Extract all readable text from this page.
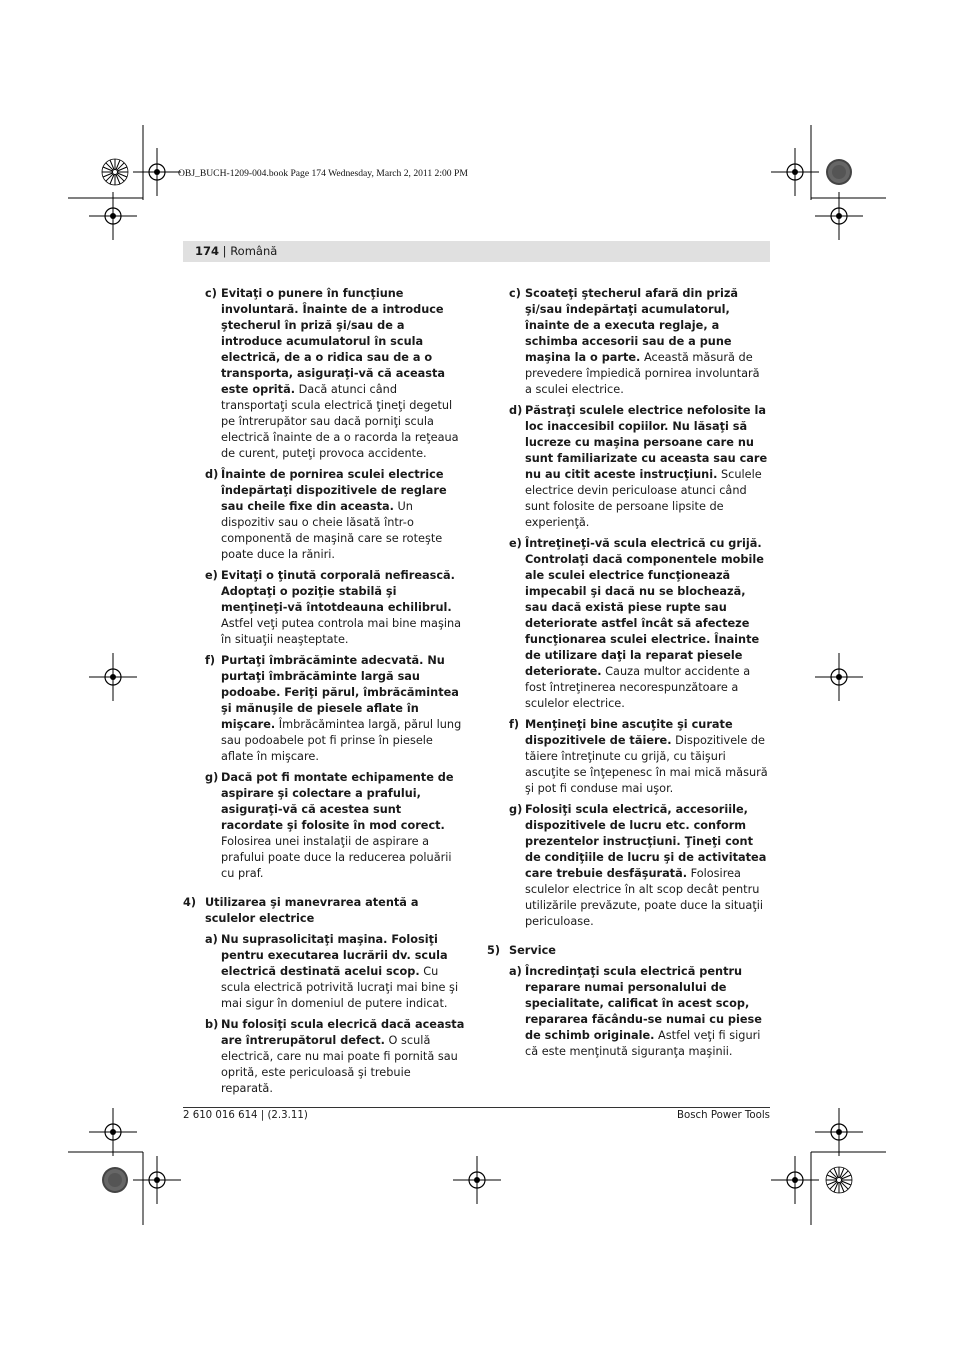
OBJ_BUCH-1209-004.book Page 174 Wednesday, March 2, 2011 2:00 PM
174 | Română
c) Evitaţi o punere în funcţiune involuntară. Înainte de a introduce ştecherul în priză şi/sau de a introduce acumulatorul în scula electrică, de a o ridica sau de a o transporta, asiguraţi-vă că aceasta este oprită. Dacă atunci când transportaţi scula electrică ţineţi degetul pe întrerupător sau dacă porniţi scula electrică înainte de a o racorda la reţeaua de curent, puteţi provoca accidente.
d) Înainte de pornirea sculei electrice îndepărtaţi dispozitivele de reglare sau cheile fixe din aceasta. Un dispozitiv sau o cheie lăsată într-o componentă de maşină care se roteşte poate duce la răniri.
e) Evitaţi o ţinută corporală nefirească. Adoptaţi o poziţie stabilă şi menţineţi-vă întotdeauna echilibrul. Astfel veţi putea controla mai bine maşina în situaţii neaşteptate.
f) Purtaţi îmbrăcăminte adecvată. Nu purtaţi îmbrăcăminte largă sau podoabe. Feriţi părul, îmbrăcămintea şi mănuşile de piesele aflate în mişcare. Îmbrăcămintea largă, părul lung sau podoabele pot fi prinse în piesele aflate în mişcare.
g) Dacă pot fi montate echipamente de aspirare şi colectare a prafului, asiguraţi-vă că acestea sunt racordate şi folosite în mod corect. Folosirea unei instalaţii de aspirare a prafului poate duce la reducerea poluării cu praf.
4) Utilizarea şi manevrarea atentă a sculelor electrice
a) Nu suprasolicitaţi maşina. Folosiţi pentru executarea lucrării dv. scula electrică destinată acelui scop. Cu scula electrică potrivită lucraţi mai bine şi mai sigur în domeniul de putere indicat.
b) Nu folosiţi scula elecrică dacă aceasta are întrerupătorul defect. O sculă electrică, care nu mai poate fi pornită sau oprită, este periculoasă şi trebuie reparată.
c) Scoateţi ştecherul afară din priză şi/sau îndepărtaţi acumulatorul, înainte de a executa reglaje, a schimba accesorii sau de a pune maşina la o parte. Această măsură de prevedere împiedică pornirea involuntară a sculei electrice.
d) Păstraţi sculele electrice nefolosite la loc inaccesibil copiilor. Nu lăsaţi să lucreze cu maşina persoane care nu sunt familiarizate cu aceasta sau care nu au citit aceste instrucţiuni. Sculele electrice devin periculoase atunci când sunt folosite de persoane lipsite de experienţă.
e) Întreţineţi-vă scula electrică cu grijă. Controlaţi dacă componentele mobile ale sculei electrice funcţionează impecabil şi dacă nu se blochează, sau dacă există piese rupte sau deteriorate astfel încât să afecteze funcţionarea sculei electrice. Înainte de utilizare daţi la reparat piesele deteriorate. Cauza multor accidente a fost întreţinerea necorespunzătoare a sculelor electrice.
f) Menţineţi bine ascuţite şi curate dispozitivele de tăiere. Dispozitivele de tăiere întreţinute cu grijă, cu tăişuri ascuţite se înţepenesc în mai mică măsură şi pot fi conduse mai uşor.
g) Folosiţi scula electrică, accesoriile, dispozitivele de lucru etc. conform prezentelor instrucţiuni. Ţineţi cont de condiţiile de lucru şi de activitatea care trebuie desfăşurată. Folosirea sculelor electrice în alt scop decât pentru utilizările prevăzute, poate duce la situaţii periculoase.
5) Service
a) Încredinţaţi scula electrică pentru reparare numai personalului de specialitate, calificat în acest scop, repararea făcându-se numai cu piese de schimb originale. Astfel veţi fi siguri că este menţinută siguranţa maşinii.
2 610 016 614 | (2.3.11)	Bosch Power Tools
